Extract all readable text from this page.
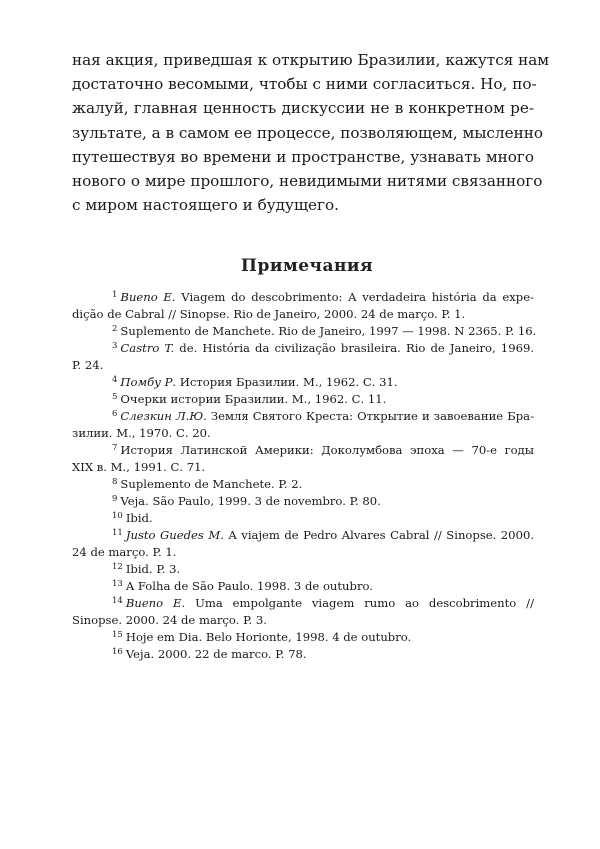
ная акция, приведшая к открытию Бразилии, кажутся нам
достаточно весомыми, чтобы с ними согласиться. Но, по-
жалуй, главная ценность дискуссии не в конкретном ре-
зультате, а в самом ее процессе, позволяющем, мысленно
путешествуя во времени и пространстве, узнавать много
нового о мире прошлого, невидимыми нитями связанного
с миром настоящего и будущего.
Примечания

$^1$ Bueno E. Viagem do descobrimento: A verdadeira história da expe-
dição de Cabral // Sinopse. Rio de Janeiro, 2000. 24 de março. P. 1.

$^2$ Suplemento de Manchete. Rio de Janeiro, 1997 — 1998. N 2365. P. 16.

$^3$ Castro T. de. História da civilização brasileira. Rio de Janeiro, 1969.
P. 24.

$^4$ Помбу Р. История Бразилии. М., 1962. С. 31.

$^5$ Очерки истории Бразилии. М., 1962. С. 11.

$^6$ Слезкин Л.Ю. Земля Святого Креста: Открытие и завоевание Бра-
зилии. М., 1970. С. 20.

$^7$ История Латинской Америки: Доколумбова эпоха — 70-е годы
XIX в. М., 1991. С. 71.

$^8$ Suplemento de Manchete. P. 2.

$^9$ Veja. São Paulo, 1999. 3 de novembro. P. 80.

$^{10}$ Ibid.

$^{11}$ Justo Guedes M. A viajem de Pedro Alvares Cabral // Sinopse. 2000.
24 de março. P. 1.

$^{12}$ Ibid. P. 3.

$^{13}$ A Folha de São Paulo. 1998. 3 de outubro.

$^{14}$ Bueno E. Uma empolgante viagem rumo ao descobrimento //
Sinopse. 2000. 24 de março. P. 3.

$^{15}$ Hoje em Dia. Belo Horionte, 1998. 4 de outubro.

$^{16}$ Veja. 2000. 22 de marco. P. 78.
